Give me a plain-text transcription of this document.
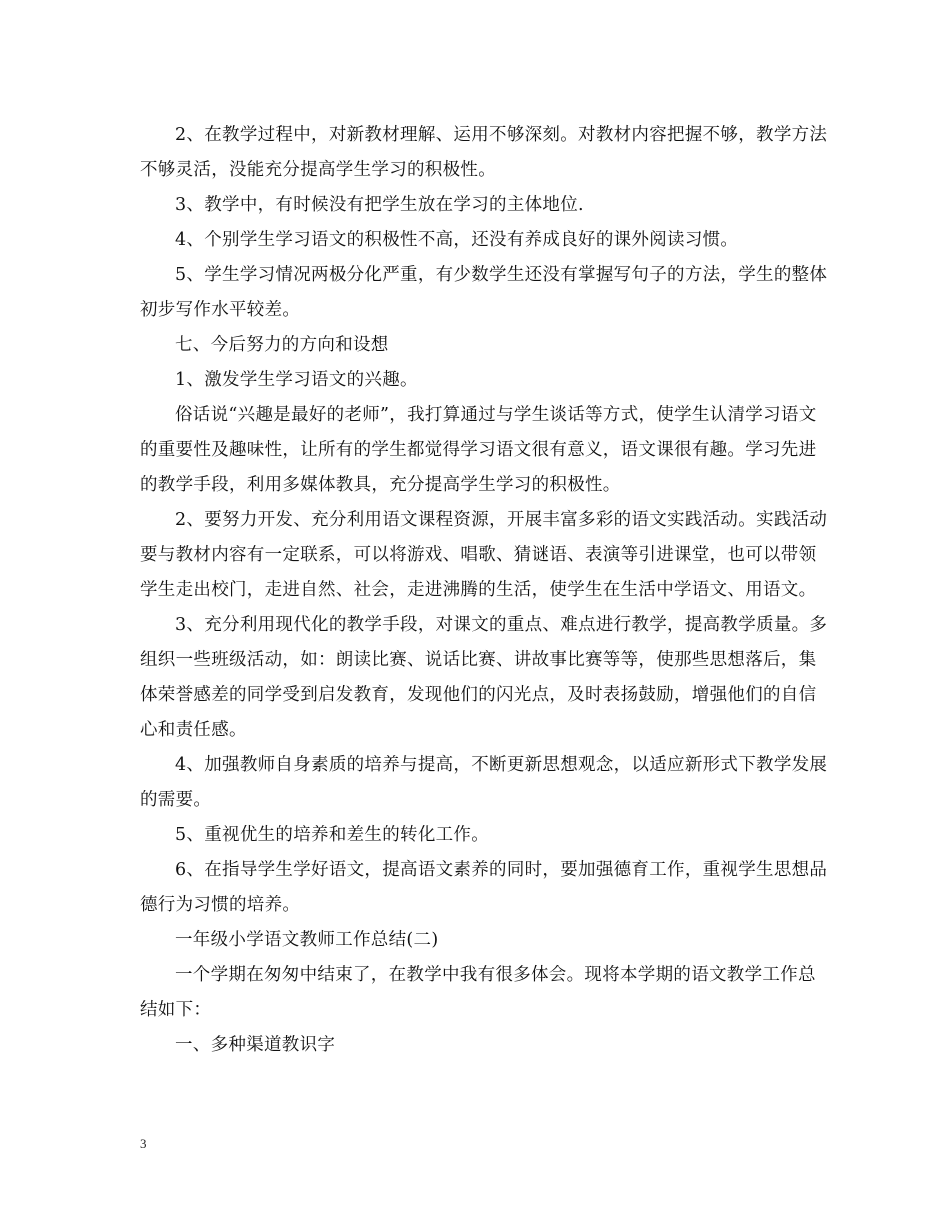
2、在教学过程中，对新教材理解、运用不够深刻。对教材内容把握不够，教学方法不够灵活，没能充分提高学生学习的积极性。

3、教学中，有时候没有把学生放在学习的主体地位.

4、个别学生学习语文的积极性不高，还没有养成良好的课外阅读习惯。

5、学生学习情况两极分化严重，有少数学生还没有掌握写句子的方法，学生的整体初步写作水平较差。

七、今后努力的方向和设想

1、激发学生学习语文的兴趣。

俗话说“兴趣是最好的老师”，我打算通过与学生谈话等方式，使学生认清学习语文的重要性及趣味性，让所有的学生都觉得学习语文很有意义，语文课很有趣。学习先进的教学手段，利用多媒体教具，充分提高学生学习的积极性。

2、要努力开发、充分利用语文课程资源，开展丰富多彩的语文实践活动。实践活动要与教材内容有一定联系，可以将游戏、唱歌、猜谜语、表演等引进课堂，也可以带领学生走出校门，走进自然、社会，走进沸腾的生活，使学生在生活中学语文、用语文。

3、充分利用现代化的教学手段，对课文的重点、难点进行教学，提高教学质量。多组织一些班级活动，如：朗读比赛、说话比赛、讲故事比赛等等，使那些思想落后，集体荣誉感差的同学受到启发教育，发现他们的闪光点，及时表扬鼓励，增强他们的自信心和责任感。

4、加强教师自身素质的培养与提高，不断更新思想观念，以适应新形式下教学发展的需要。

5、重视优生的培养和差生的转化工作。

6、在指导学生学好语文，提高语文素养的同时，要加强德育工作，重视学生思想品德行为习惯的培养。

一年级小学语文教师工作总结(二)

一个学期在匆匆中结束了，在教学中我有很多体会。现将本学期的语文教学工作总结如下：

一、多种渠道教识字

3
